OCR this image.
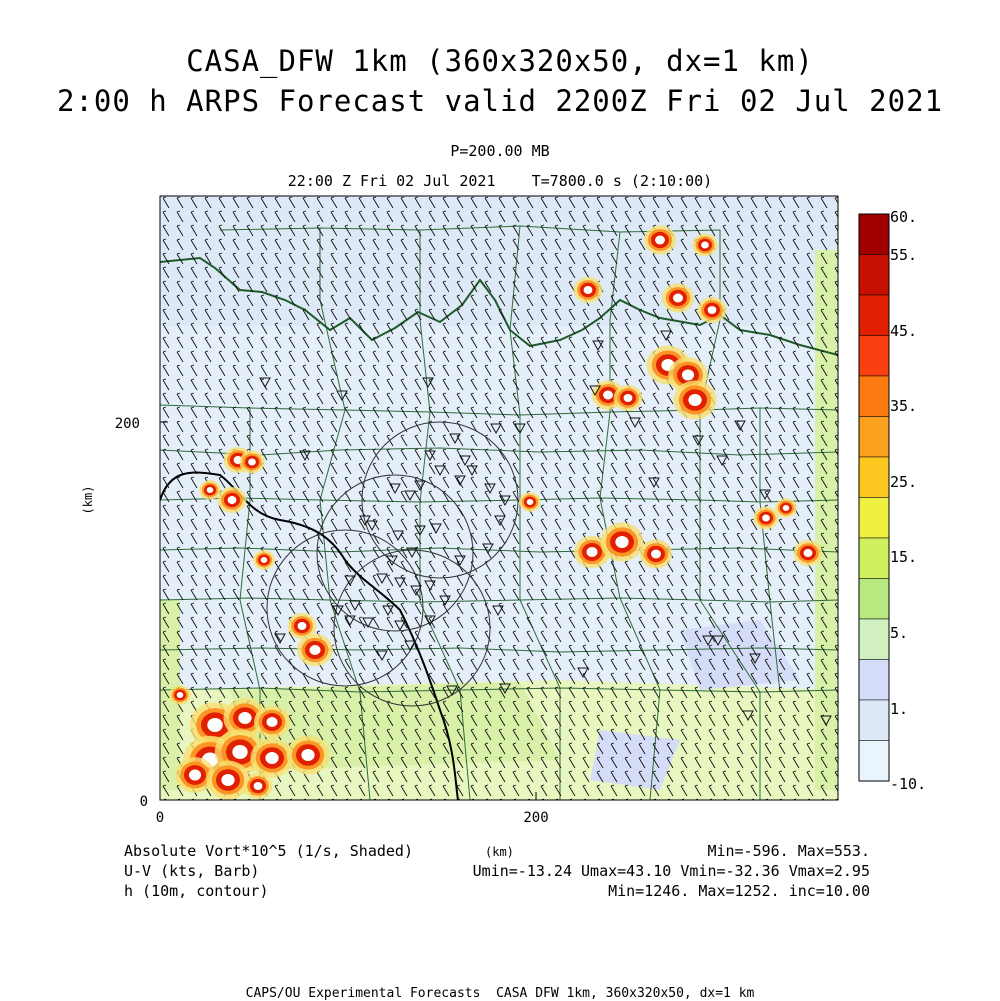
CASA_DFW 1km (360x320x50, dx=1 km)
2:00 h ARPS Forecast valid 2200Z Fri 02 Jul 2021
P=200.00 MB
22:00 Z Fri 02 Jul 2021    T=7800.0 s (2:10:00)
200
0
0	200
(km)
60.
55.
45.
35.
25.
15.
5.
1.
-10.
Absolute Vort*10^5 (1/s, Shaded)
U-V (kts, Barb)
h (10m, contour)
(km)	Min=-596. Max=553.
Umin=-13.24 Umax=43.10 Vmin=-32.36 Vmax=2.95
Min=1246. Max=1252. inc=10.00
CAPS/OU Experimental Forecasts  CASA DFW 1km, 360x320x50, dx=1 km
